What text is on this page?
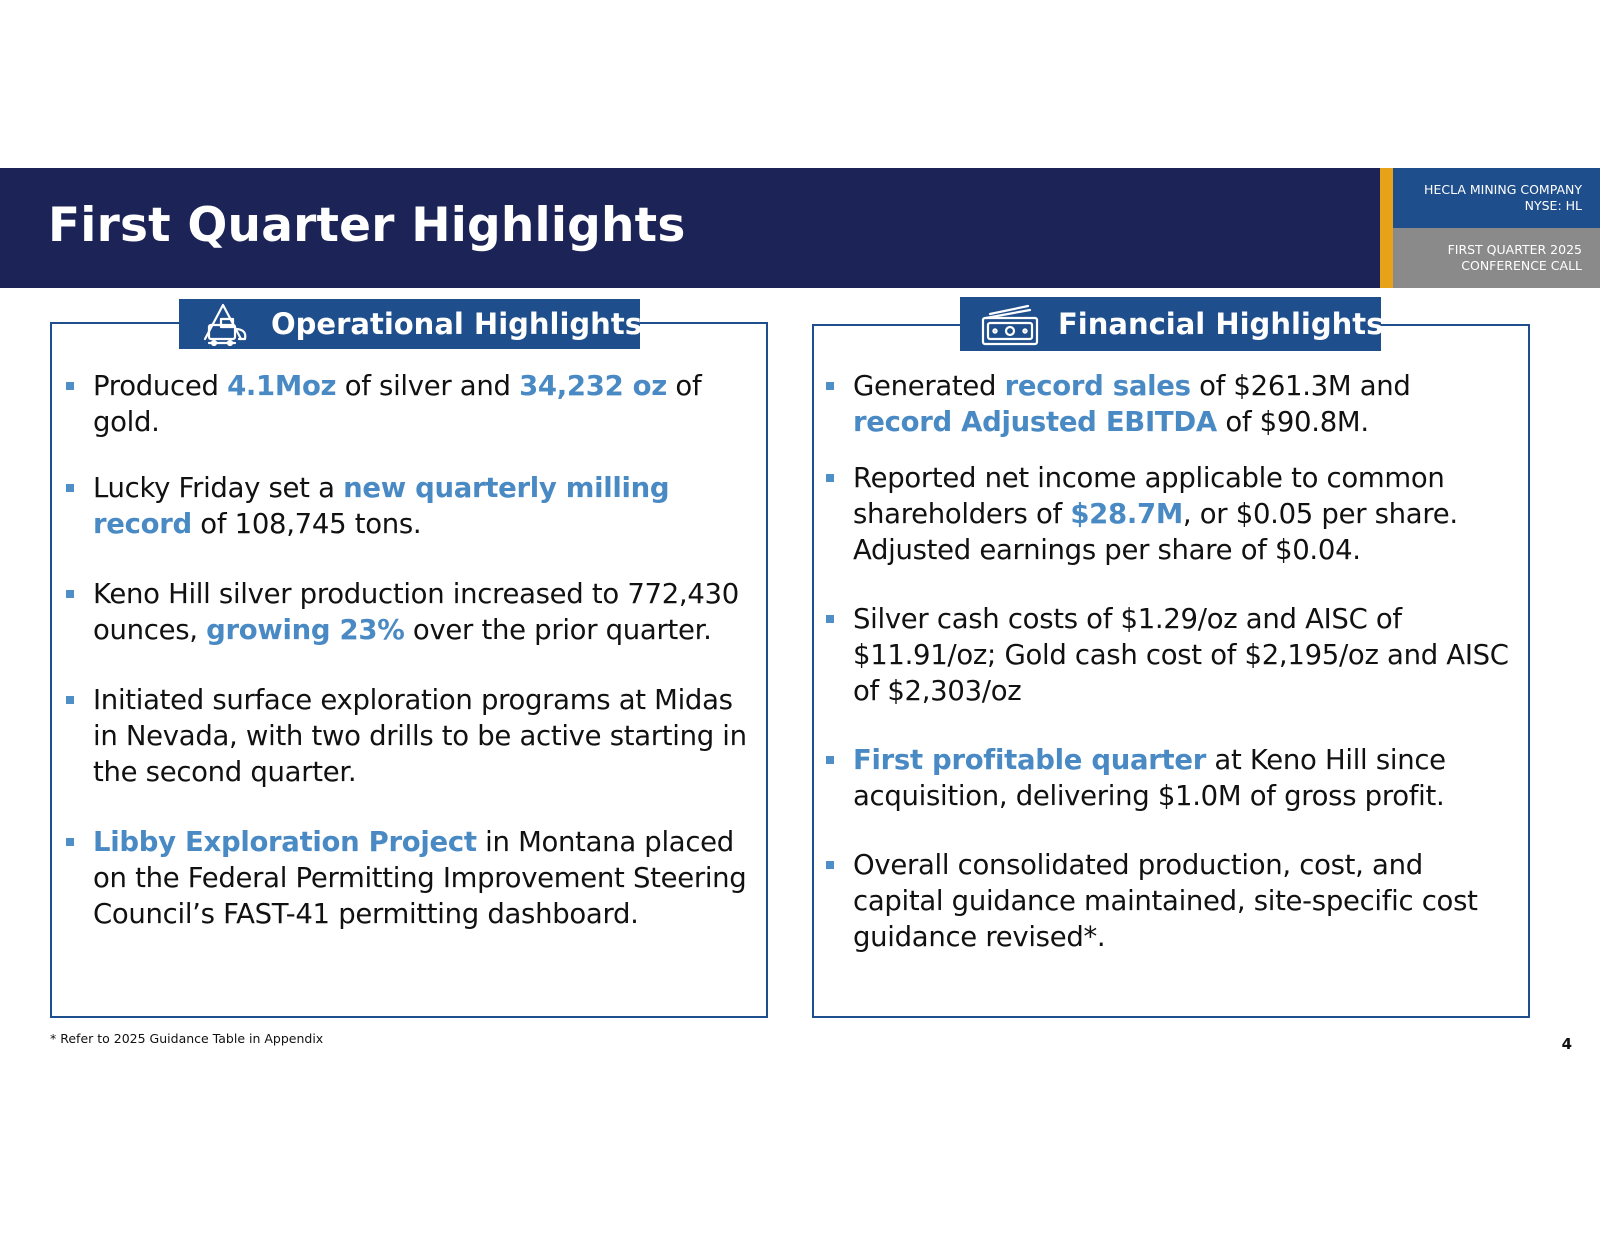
First Quarter Highlights
HECLA MINING COMPANY
NYSE: HL
FIRST QUARTER 2025
CONFERENCE CALL
Operational Highlights
Produced 4.1Moz of silver and 34,232 oz of gold.
Lucky Friday set a new quarterly milling record of 108,745 tons.
Keno Hill silver production increased to 772,430 ounces, growing 23% over the prior quarter.
Initiated surface exploration programs at Midas in Nevada, with two drills to be active starting in the second quarter.
Libby Exploration Project in Montana placed on the Federal Permitting Improvement Steering Council’s FAST-41 permitting dashboard.
Financial Highlights
Generated record sales of $261.3M and record Adjusted EBITDA of $90.8M.
Reported net income applicable to common shareholders of $28.7M, or $0.05 per share. Adjusted earnings per share of $0.04.
Silver cash costs of $1.29/oz and AISC of $11.91/oz; Gold cash cost of $2,195/oz and AISC of $2,303/oz
First profitable quarter at Keno Hill since acquisition, delivering $1.0M of gross profit.
Overall consolidated production, cost, and capital guidance maintained, site-specific cost guidance revised*.
* Refer to 2025 Guidance Table in Appendix	4
